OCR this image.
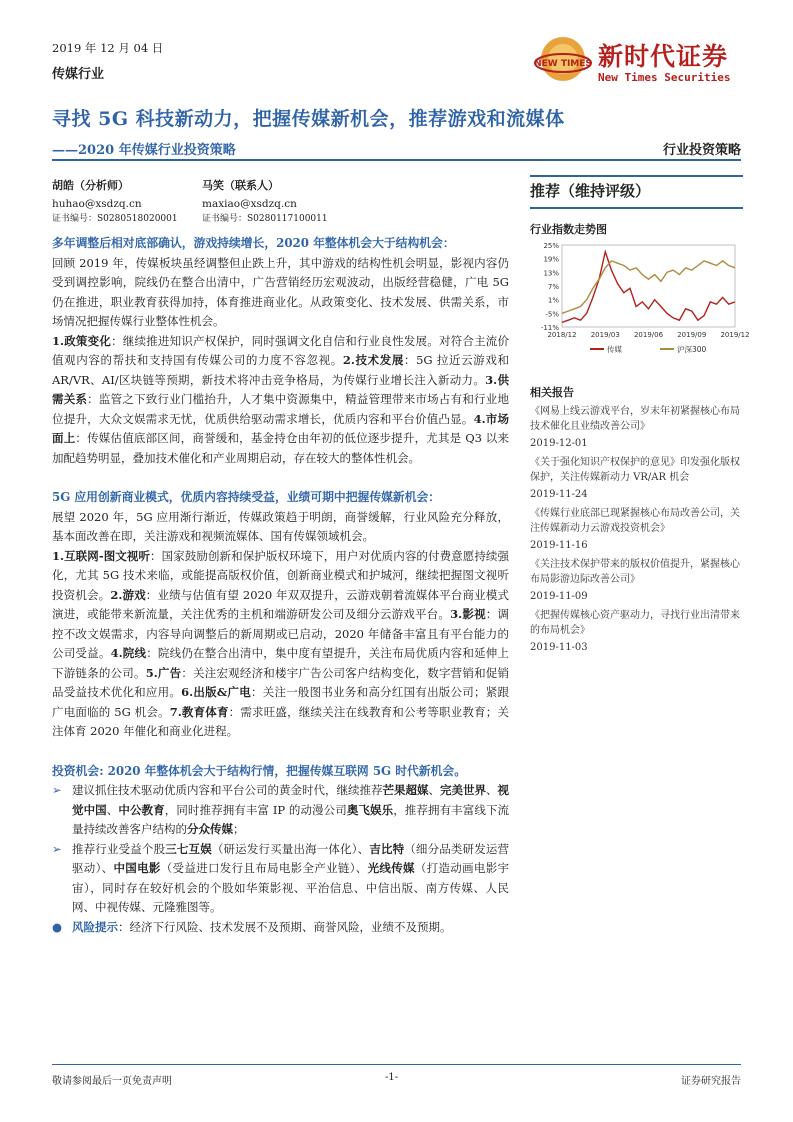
2019 年 12 月 04 日
传媒行业
NEW TIMES 新时代证券
New Times Securities
寻找 5G 科技新动力，把握传媒新机会，推荐游戏和流媒体
——2020 年传媒行业投资策略	行业投资策略
胡皓（分析师）
huhao@xsdzq.cn
证书编号：S0280518020001
马笑（联系人）
maxiao@xsdzq.cn
证书编号：S0280117100011
多年调整后相对底部确认，游戏持续增长，2020 年整体机会大于结构机会：

回顾 2019 年，传媒板块虽经调整但止跌上升，其中游戏的结构性机会明显，影视内容仍受到调控影响，院线仍在整合出清中，广告营销经历宏观波动，出版经营稳健，广电 5G 仍在推进，职业教育获得加持，体育推进商业化。从政策变化、技术发展、供需关系，市场情况把握传媒行业整体性机会。

1.政策变化：继续推进知识产权保护，同时强调文化自信和行业良性发展。对符合主流价值观内容的帮扶和支持国有传媒公司的力度不容忽视。2.技术发展：5G 拉近云游戏和 AR/VR、AI/区块链等预期，新技术将冲击竞争格局，为传媒行业增长注入新动力。3.供需关系：监管之下致行业门槛抬升，人才集中资源集中，精益管理带来市场占有和行业地位提升，大众文娱需求无忧，优质供给驱动需求增长，优质内容和平台价值凸显。4.市场面上：传媒估值底部区间，商誉缓和，基金持仓由年初的低位逐步提升，尤其是 Q3 以来加配趋势明显，叠加技术催化和产业周期启动，存在较大的整体性机会。

5G 应用创新商业模式，优质内容持续受益，业绩可期中把握传媒新机会：

展望 2020 年，5G 应用渐行渐近，传媒政策趋于明朗，商誉缓解，行业风险充分释放，基本面改善在即，关注游戏和视频流媒体、国有传媒领域机会。

1.互联网-图文视听：国家鼓励创新和保护版权环境下，用户对优质内容的付费意愿持续强化，尤其 5G 技术来临，或能提高版权价值，创新商业模式和护城河，继续把握图文视听投资机会。2.游戏：业绩与估值有望 2020 年双双提升，云游戏朝着流媒体平台商业模式演进，或能带来新流量，关注优秀的主机和端游研发公司及细分云游戏平台。3.影视：调控不改文娱需求，内容导向调整后的新周期或已启动，2020 年储备丰富且有平台能力的公司受益。4.院线：院线仍在整合出清中，集中度有望提升，关注布局优质内容和延伸上下游链条的公司。5.广告：关注宏观经济和楼宇广告公司客户结构变化，数字营销和促销品受益技术优化和应用。6.出版&广电：关注一般图书业务和高分红国有出版公司；紧跟广电面临的 5G 机会。7.教育体育：需求旺盛，继续关注在线教育和公考等职业教育；关注体育 2020 年催化和商业化进程。

投资机会: 2020 年整体机会大于结构行情，把握传媒互联网 5G 时代新机会。
➢ 建议抓住技术驱动优质内容和平台公司的黄金时代，继续推荐芒果超媒、完美世界、视觉中国、中公教育，同时推荐拥有丰富 IP 的动漫公司奥飞娱乐，推荐拥有丰富线下流量持续改善客户结构的分众传媒；
➢ 推荐行业受益个股三七互娱（研运发行买量出海一体化）、吉比特（细分品类研发运营驱动）、中国电影（受益进口发行且布局电影全产业链）、光线传媒（打造动画电影宇宙），同时存在较好机会的个股如华策影视、平治信息、中信出版、南方传媒、人民网、中视传媒、元隆雅图等。
● 风险提示：经济下行风险、技术发展不及预期、商誉风险，业绩不及预期。
推荐（维持评级）
行业指数走势图
25%
19%
13%
7%
1%
-5%
-11%
2018/12 2019/03 2019/06 2019/09 2019/12
传媒	沪深300
相关报告
《网易上线云游戏平台，岁末年初紧握核心布局技术催化且业绩改善公司》
2019-12-01
《关于强化知识产权保护的意见》印发强化版权保护，关注传媒新动力 VR/AR 机会
2019-11-24
《传媒行业底部已现紧握核心布局改善公司，关注传媒新动力云游戏投资机会》
2019-11-16
《关注技术保护带来的版权价值提升，紧握核心布局影游边际改善公司》
2019-11-09
《把握传媒核心资产驱动力，寻找行业出清带来的布局机会》
2019-11-03
敬请参阅最后一页免责声明	-1-	证券研究报告
